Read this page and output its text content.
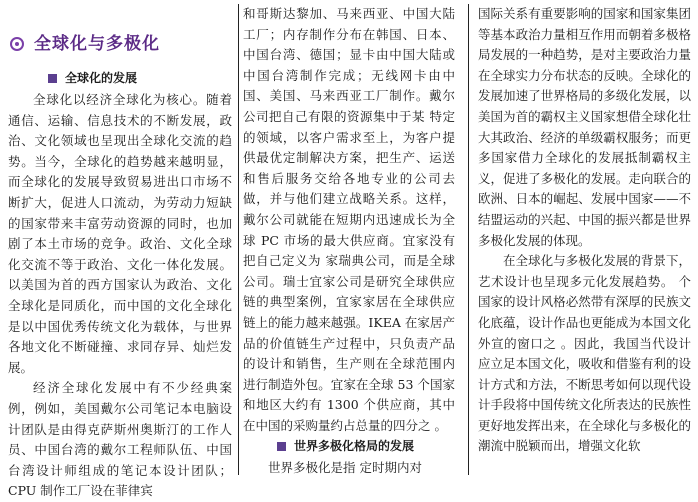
全球化与多极化
全球化的发展

全球化以经济全球化为核心。随着通信、运输、信息技术的不断发展，政治、文化领域也呈现出全球化交流的趋势。当今，全球化的趋势越来越明显，而全球化的发展导致贸易进出口市场不断扩大，促进人口流动，为劳动力短缺的国家带来丰富劳动资源的同时，也加剧了本土市场的竞争。政治、文化全球化交流不等于政治、文化一体化发展。以美国为首的西方国家认为政治、文化全球化是同质化，而中国的文化全球化是以中国优秀传统文化为载体，与世界各地文化不断碰撞、求同存异、灿烂发展。

经济全球化发展中有不少经典案例，例如，美国戴尔公司笔记本电脑设计团队是由得克萨斯州奥斯汀的工作人员、中国台湾的戴尔工程师队伍、中国台湾设计师组成的笔记本设计团队；CPU 制作工厂设在菲律宾

和哥斯达黎加、马来西亚、中国大陆工厂；内存制作分布在韩国、日本、中国台湾、德国；显卡由中国大陆或中国台湾制作完成；无线网卡由中国、美国、马来西亚工厂制作。戴尔公司把自己有限的资源集中于某 特定的领域，以客户需求至上，为客户提供最优定制解决方案，把生产、运送和售后服务交给各地专业的公司去做，并与他们建立战略关系。这样，戴尔公司就能在短期内迅速成长为全球 PC 市场的最大供应商。宜家没有把自己定义为 家瑞典公司，而是全球公司。瑞士宜家公司是研究全球供应链的典型案例，宜家家居在全球供应链上的能力越来越强。IKEA 在家居产品的价值链生产过程中，只负责产品的设计和销售，生产则在全球范围内进行制造外包。宜家在全球 53 个国家和地区大约有 1300 个供应商，其中在中国的采购量约占总量的四分之 。

世界多极化格局的发展

世界多极化是指 定时期内对

国际关系有重要影响的国家和国家集团等基本政治力量相互作用而朝着多极格局发展的一种趋势，是对主要政治力量在全球实力分布状态的反映。全球化的发展加速了世界格局的多级化发展，以美国为首的霸权主义国家想借全球化壮大其政治、经济的单级霸权服务；而更多国家借力全球化的发展抵制霸权主义，促进了多极化的发展。走向联合的欧洲、日本的崛起、发展中国家——不结盟运动的兴起、中国的振兴都是世界多极化发展的体现。

在全球化与多极化发展的背景下，艺术设计也呈现多元化发展趋势。 个国家的设计风格必然带有深厚的民族文化底蕴，设计作品也更能成为本国文化外宣的窗口之 。因此，我国当代设计应立足本国文化，吸收和借鉴有利的设计方式和方法，不断思考如何以现代设计手段将中国传统文化所表达的民族性更好地发挥出来，在全球化与多极化的潮流中脱颖而出，增强文化软
